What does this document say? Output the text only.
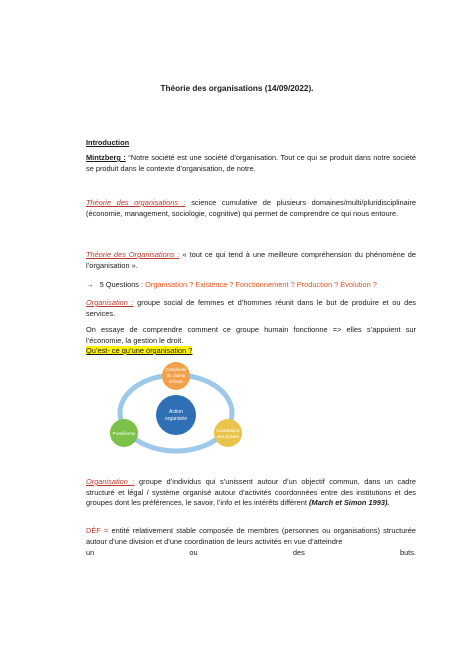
Théorie des organisations (14/09/2022).

Introduction

Mintzberg : “Notre société est une société d’organisation. Tout ce qui se produit dans notre société se produit dans le contexte d’organisation, de notre.

Théorie des organisations : science cumulative de plusieurs domaines/multi/pluridisciplinaire (économie, management, sociologie, cognitive) qui permet de comprendre ce qui nous entoure.

Théorie des Organisations : « tout ce qui tend à une meilleure compréhension du phénomène de l’organisation ».

→ 5 Questions : Organisation ? Existence ? Fonctionnement ? Production ? Évolution ?

Organisation : groupe social de femmes et d’hommes réunit dans le but de produire et ou des services.

On essaye de comprendre comment ce groupe humain fonctionne => elles s’appuient sur l’économie, la gestion le droit.

Qu’est- ce qu’une organisation ?

Action
organisée
Complexité
du champ
d’étude
Protéiforme
Coordination
des acteurs

Organisation : groupe d’individus qui s’unissent autour d’un objectif commun, dans un cadre structuré et légal / système organisé autour d’activités coordonnées entre des institutions et des groupes dont les préférences, le savoir, l’info et les intérêts diffèrent (March et Simon 1993).

DÉF = entité relativement stable composée de membres (personnes ou organisations) structurée autour d’une division et d’une coordination de leurs activités en vue d’atteindre

un	ou	des	buts.
